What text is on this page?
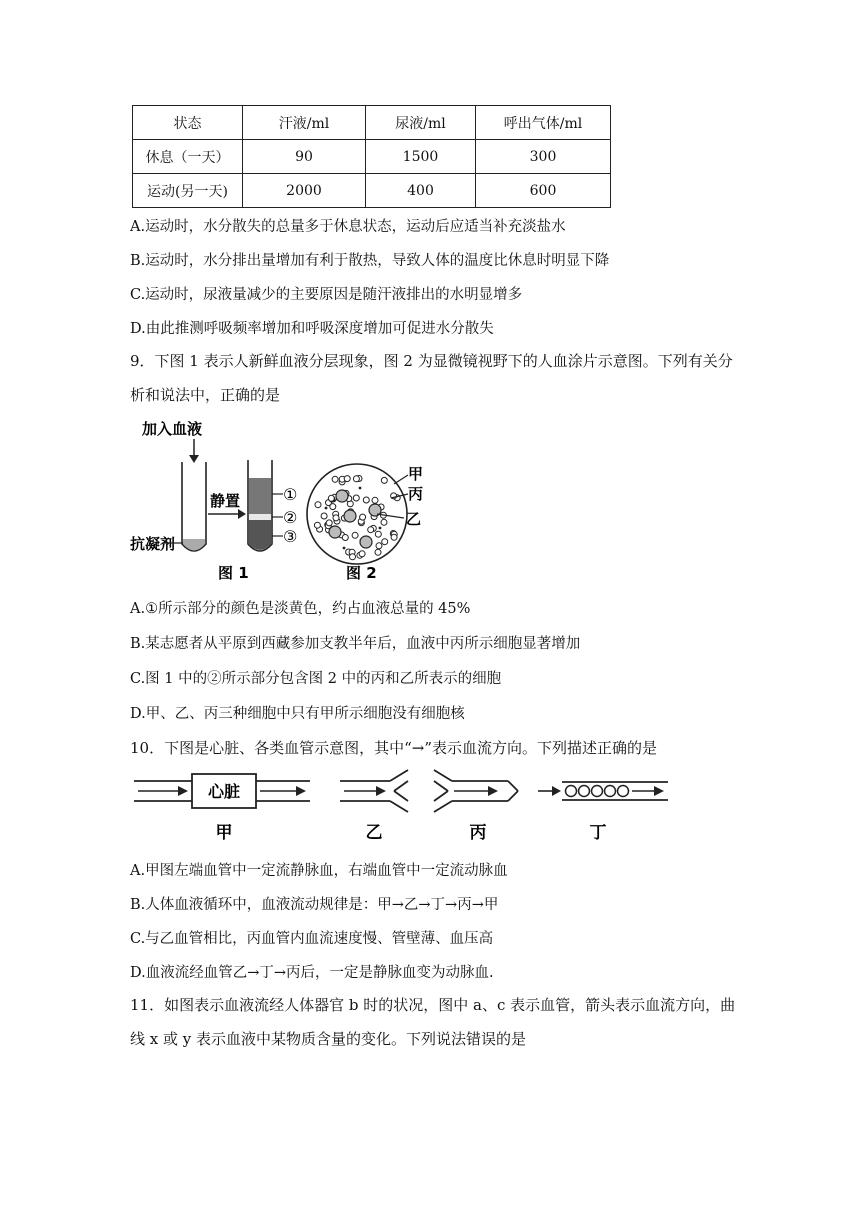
状态	汗液/ml	尿液/ml	呼出气体/ml
休息（一天）	90	1500	300
运动(另一天)	2000	400	600
A.运动时，水分散失的总量多于休息状态，运动后应适当补充淡盐水
B.运动时，水分排出量增加有利于散热，导致人体的温度比休息时明显下降
C.运动时，尿液量减少的主要原因是随汗液排出的水明显增多
D.由此推测呼吸频率增加和呼吸深度增加可促进水分散失
9．下图 1 表示人新鲜血液分层现象，图 2 为显微镜视野下的人血涂片示意图。下列有关分
析和说法中，正确的是
加入血液
抗凝剂
静置	①
②
③
甲
丙
乙
图 1	图 2
A.①所示部分的颜色是淡黄色，约占血液总量的 45%
B.某志愿者从平原到西藏参加支教半年后，血液中丙所示细胞显著增加
C.图 1 中的②所示部分包含图 2 中的丙和乙所表示的细胞
D.甲、乙、丙三种细胞中只有甲所示细胞没有细胞核
10．下图是心脏、各类血管示意图，其中“→”表示血流方向。下列描述正确的是
心脏
甲	乙	丙	丁
A.甲图左端血管中一定流静脉血，右端血管中一定流动脉血
B.人体血液循环中，血液流动规律是：甲→乙→丁→丙→甲
C.与乙血管相比，丙血管内血流速度慢、管壁薄、血压高
D.血液流经血管乙→丁→丙后，一定是静脉血变为动脉血.
11．如图表示血液流经人体器官 b 时的状况，图中 a、c 表示血管，箭头表示血流方向，曲
线 x 或 y 表示血液中某物质含量的变化。下列说法错误的是
